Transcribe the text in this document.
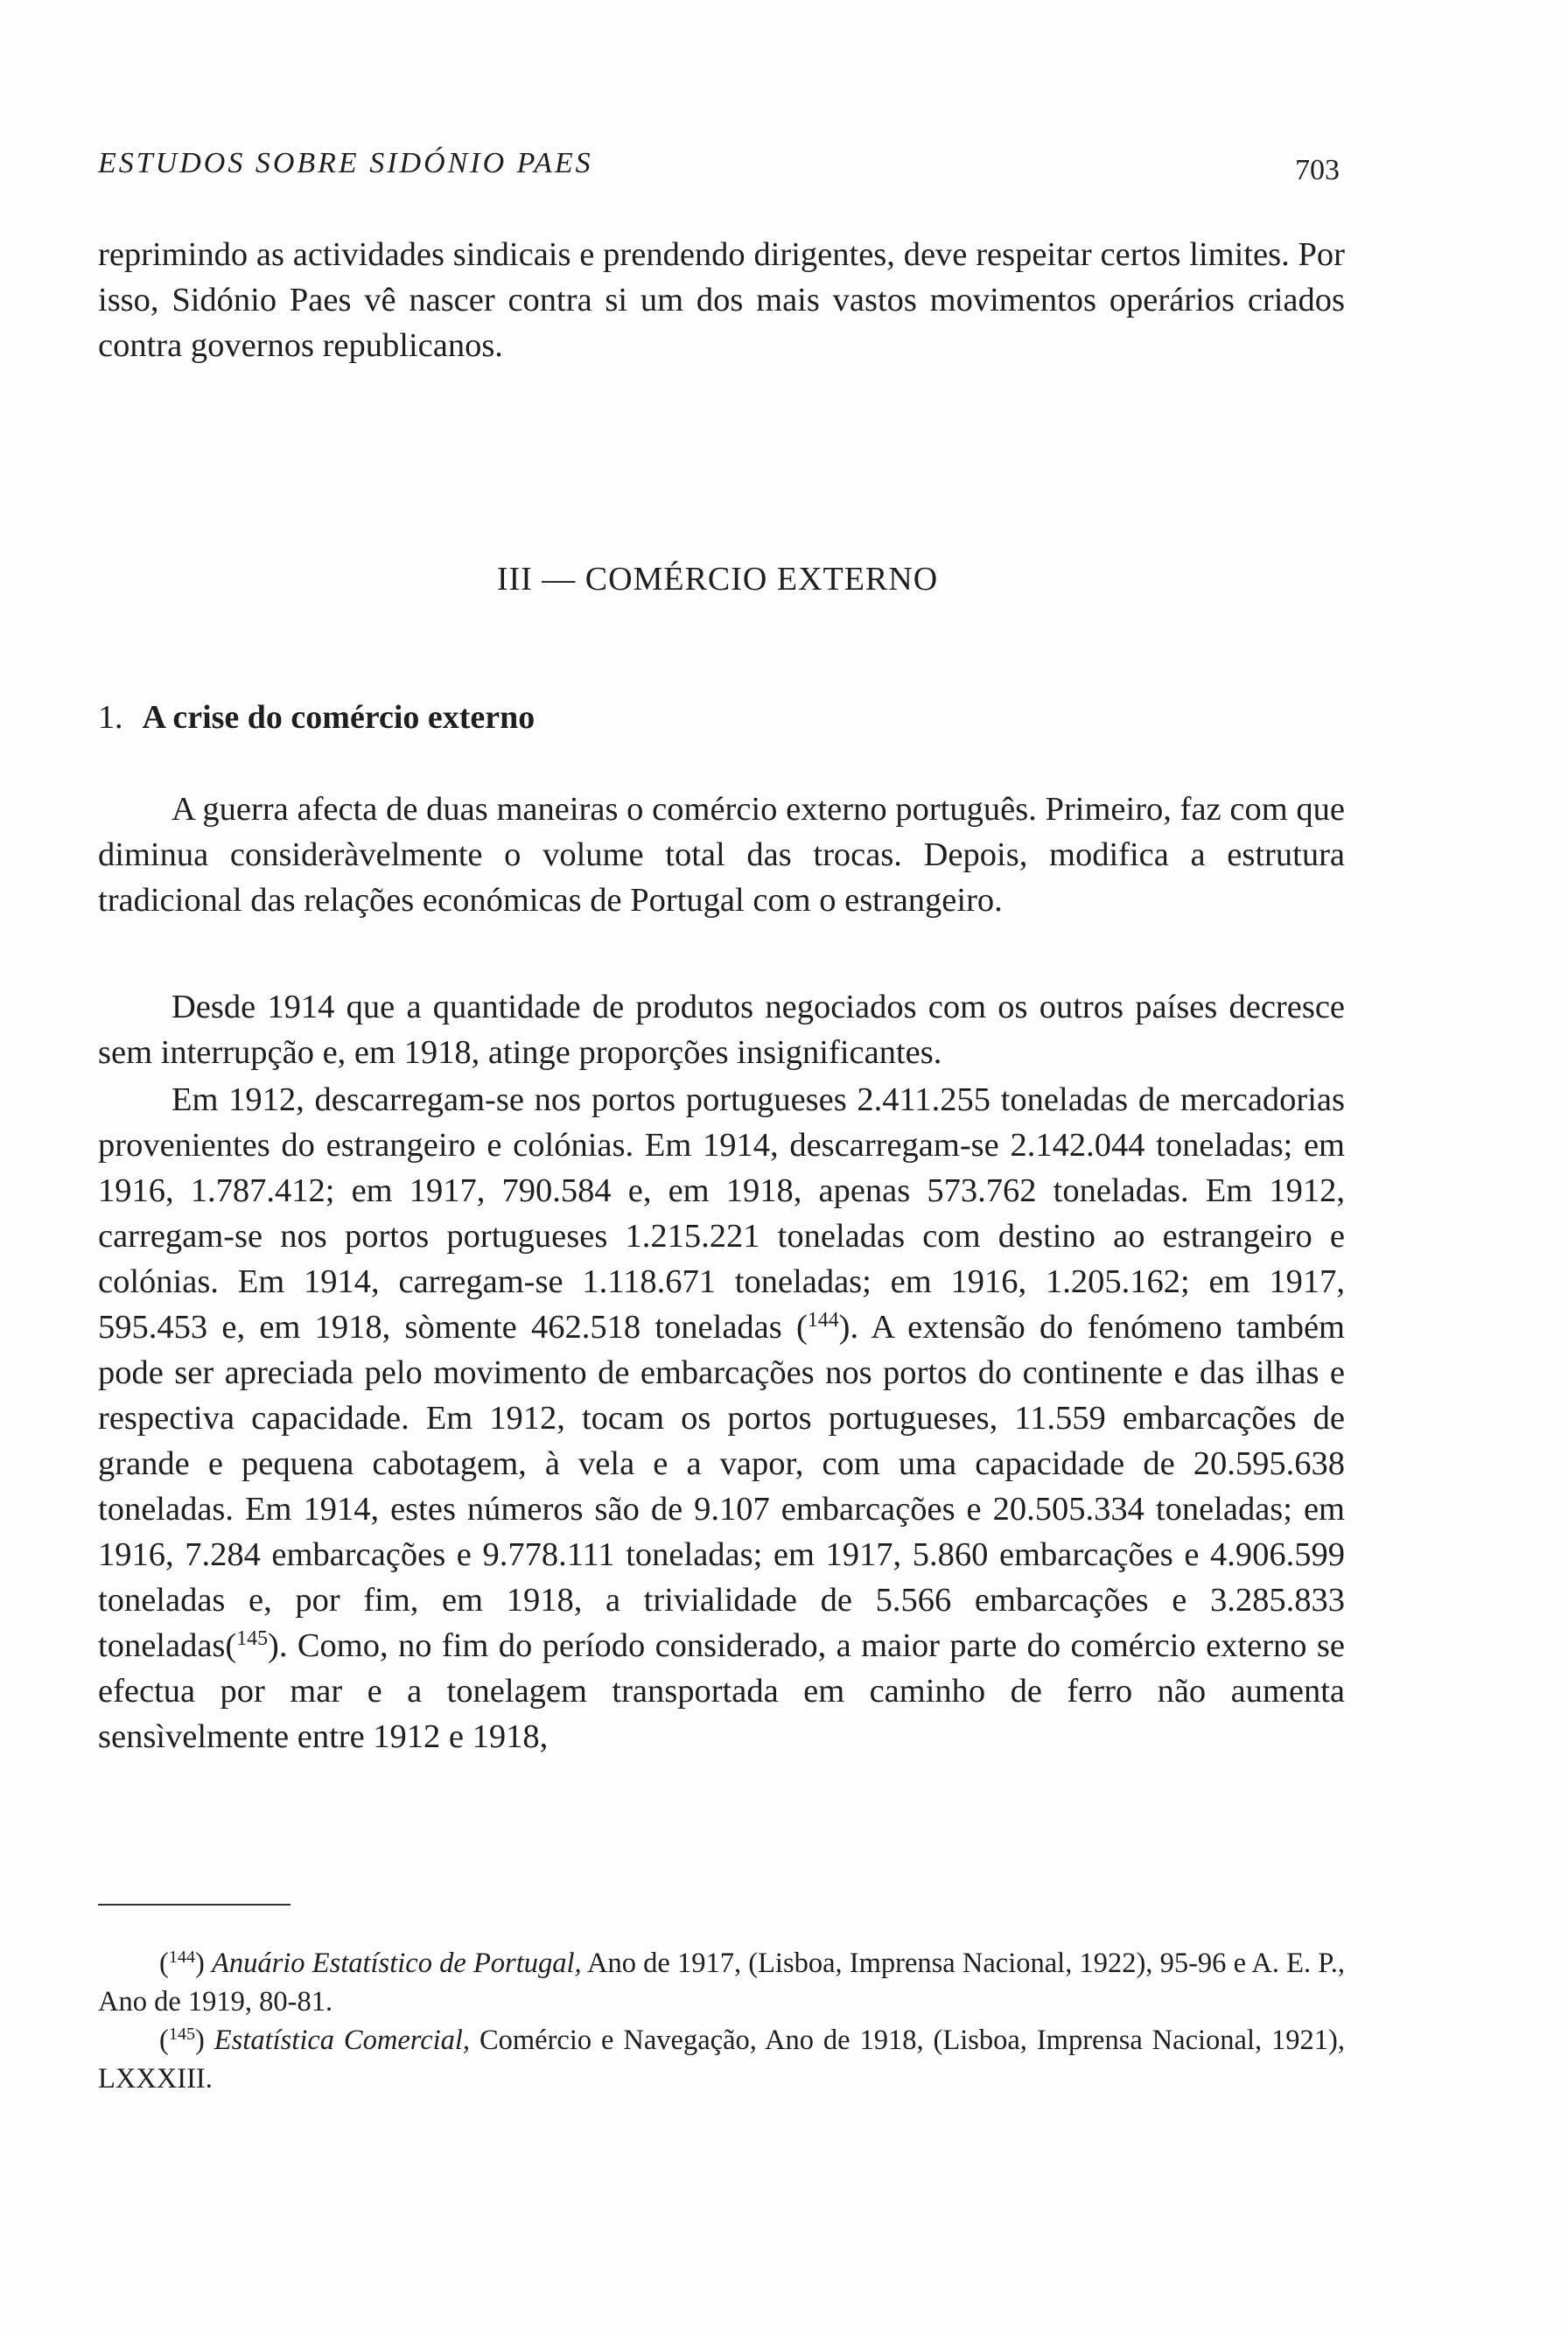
ESTUDOS SOBRE SIDÓNIO PAES	703

reprimindo as actividades sindicais e prendendo dirigentes, deve respeitar certos limites. Por isso, Sidónio Paes vê nascer contra si um dos mais vastos movimentos operários criados contra governos republicanos.

III — COMÉRCIO EXTERNO
1. A crise do comércio externo

A guerra afecta de duas maneiras o comércio externo português. Primeiro, faz com que diminua consideràvelmente o volume total das trocas. Depois, modifica a estrutura tradicional das relações económicas de Portugal com o estrangeiro.

Desde 1914 que a quantidade de produtos negociados com os outros países decresce sem interrupção e, em 1918, atinge proporções insignificantes.

Em 1912, descarregam-se nos portos portugueses 2.411.255 toneladas de mercadorias provenientes do estrangeiro e colónias. Em 1914, descarregam-se 2.142.044 toneladas; em 1916, 1.787.412; em 1917, 790.584 e, em 1918, apenas 573.762 toneladas. Em 1912, carregam-se nos portos portugueses 1.215.221 toneladas com destino ao estrangeiro e colónias. Em 1914, carregam-se 1.118.671 toneladas; em 1916, 1.205.162; em 1917, 595.453 e, em 1918, sòmente 462.518 toneladas ($^{144}$). A extensão do fenómeno também pode ser apreciada pelo movimento de embarcações nos portos do continente e das ilhas e respectiva capacidade. Em 1912, tocam os portos portugueses, 11.559 embarcações de grande e pequena cabotagem, à vela e a vapor, com uma capacidade de 20.595.638 toneladas. Em 1914, estes números são de 9.107 embarcações e 20.505.334 toneladas; em 1916, 7.284 embarcações e 9.778.111 toneladas; em 1917, 5.860 embarcações e 4.906.599 toneladas e, por fim, em 1918, a trivialidade de 5.566 embarcações e 3.285.833 toneladas($^{145}$). Como, no fim do período considerado, a maior parte do comércio externo se efectua por mar e a tonelagem transportada em caminho de ferro não aumenta sensìvelmente entre 1912 e 1918,

($^{144}$) Anuário Estatístico de Portugal, Ano de 1917, (Lisboa, Imprensa Nacional, 1922), 95-96 e A. E. P., Ano de 1919, 80-81.

($^{145}$) Estatística Comercial, Comércio e Navegação, Ano de 1918, (Lisboa, Imprensa Nacional, 1921), LXXXIII.
